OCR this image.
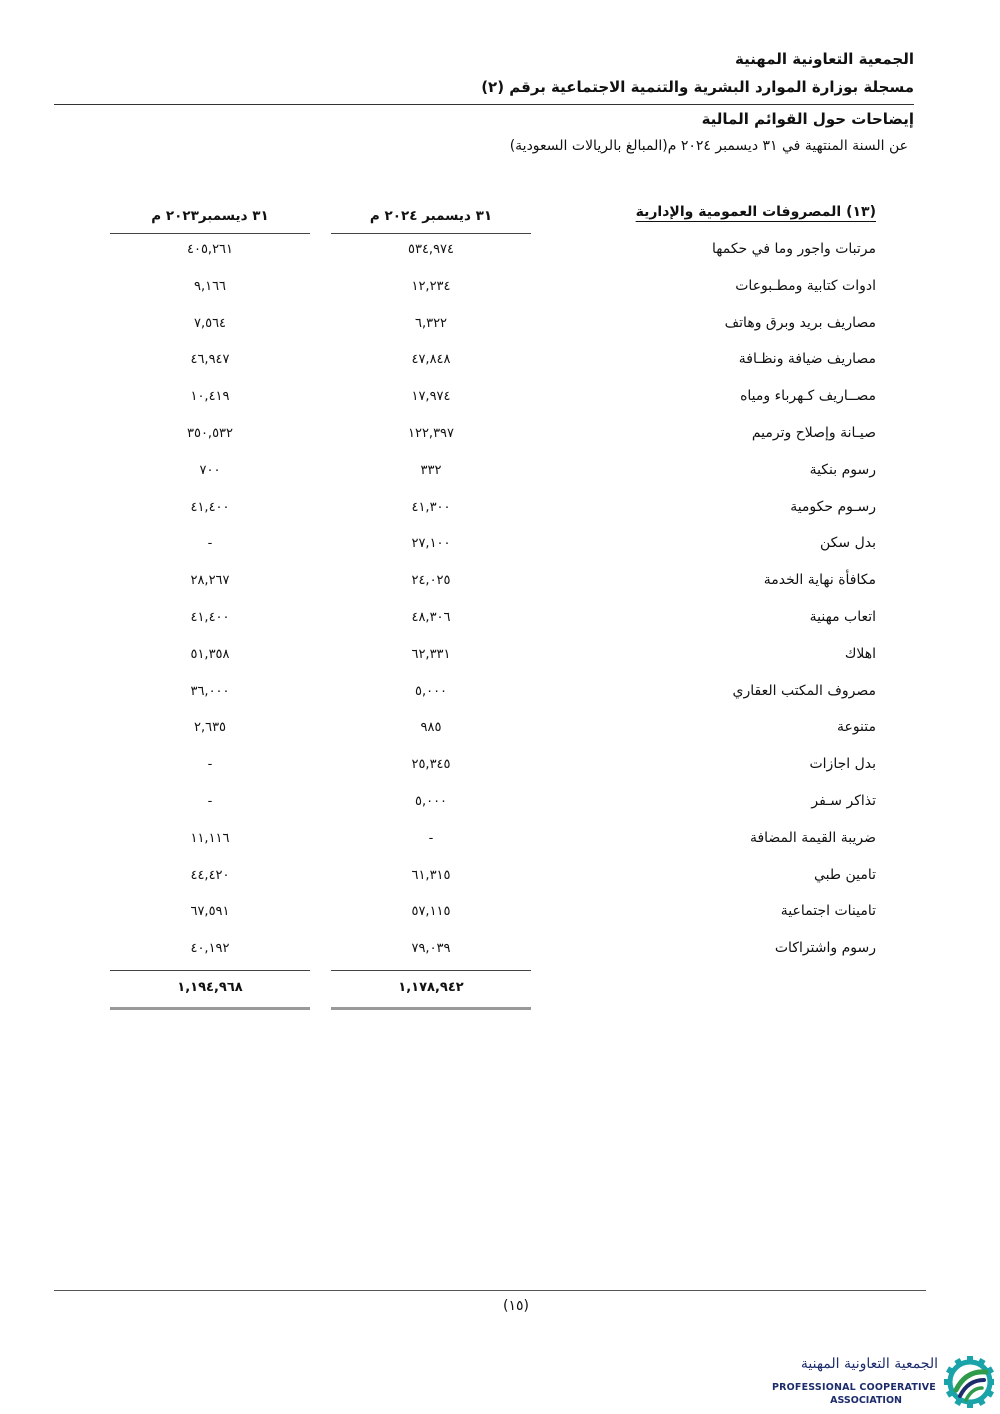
الجمعية التعاونية المهنية
مسجلة بوزارة الموارد البشرية والتنمية الاجتماعية برقم (٢)
إيضاحات حول القوائم المالية
عن السنة المنتهية في ٣١ ديسمبر ٢٠٢٤ م(المبالغ بالريالات السعودية)
(١٣) المصروفات العمومية والإدارية
٣١ ديسمبر ٢٠٢٤ م
٣١ ديسمبر٢٠٢٣ م
مرتبات واجور وما في حكمها
٥٣٤,٩٧٤
٤٠٥,٢٦١
ادوات كتابية ومطـبوعات
١٢,٢٣٤
٩,١٦٦
مصاريف بريد وبرق وهاتف
٦,٣٢٢
٧,٥٦٤
مصاريف ضيافة ونظـافة
٤٧,٨٤٨
٤٦,٩٤٧
مصــاريف كـهرباء ومياه
١٧,٩٧٤
١٠,٤١٩
صيـانة وإصلاح وترميم
١٢٢,٣٩٧
٣٥٠,٥٣٢
رسوم بنكية
٣٣٢
٧٠٠
رسـوم حكومية
٤١,٣٠٠
٤١,٤٠٠
بدل سكن
٢٧,١٠٠
-
مكافأة نهاية الخدمة
٢٤,٠٢٥
٢٨,٢٦٧
اتعاب مهنية
٤٨,٣٠٦
٤١,٤٠٠
اهلاك
٦٢,٣٣١
٥١,٣٥٨
مصروف المكتب العقاري
٥,٠٠٠
٣٦,٠٠٠
متنوعة
٩٨٥
٢,٦٣٥
بدل اجازات
٢٥,٣٤٥
-
تذاكر سـفر
٥,٠٠٠
-
ضريبة القيمة المضافة
-
١١,١١٦
تامين طبي
٦١,٣١٥
٤٤,٤٢٠
تامينات اجتماعية
٥٧,١١٥
٦٧,٥٩١
رسوم واشتراكات
٧٩,٠٣٩
٤٠,١٩٢
١,١٧٨,٩٤٢
١,١٩٤,٩٦٨
(١٥)
الجمعية التعاونية المهنية
PROFESSIONAL COOPERATIVE
ASSOCIATION
